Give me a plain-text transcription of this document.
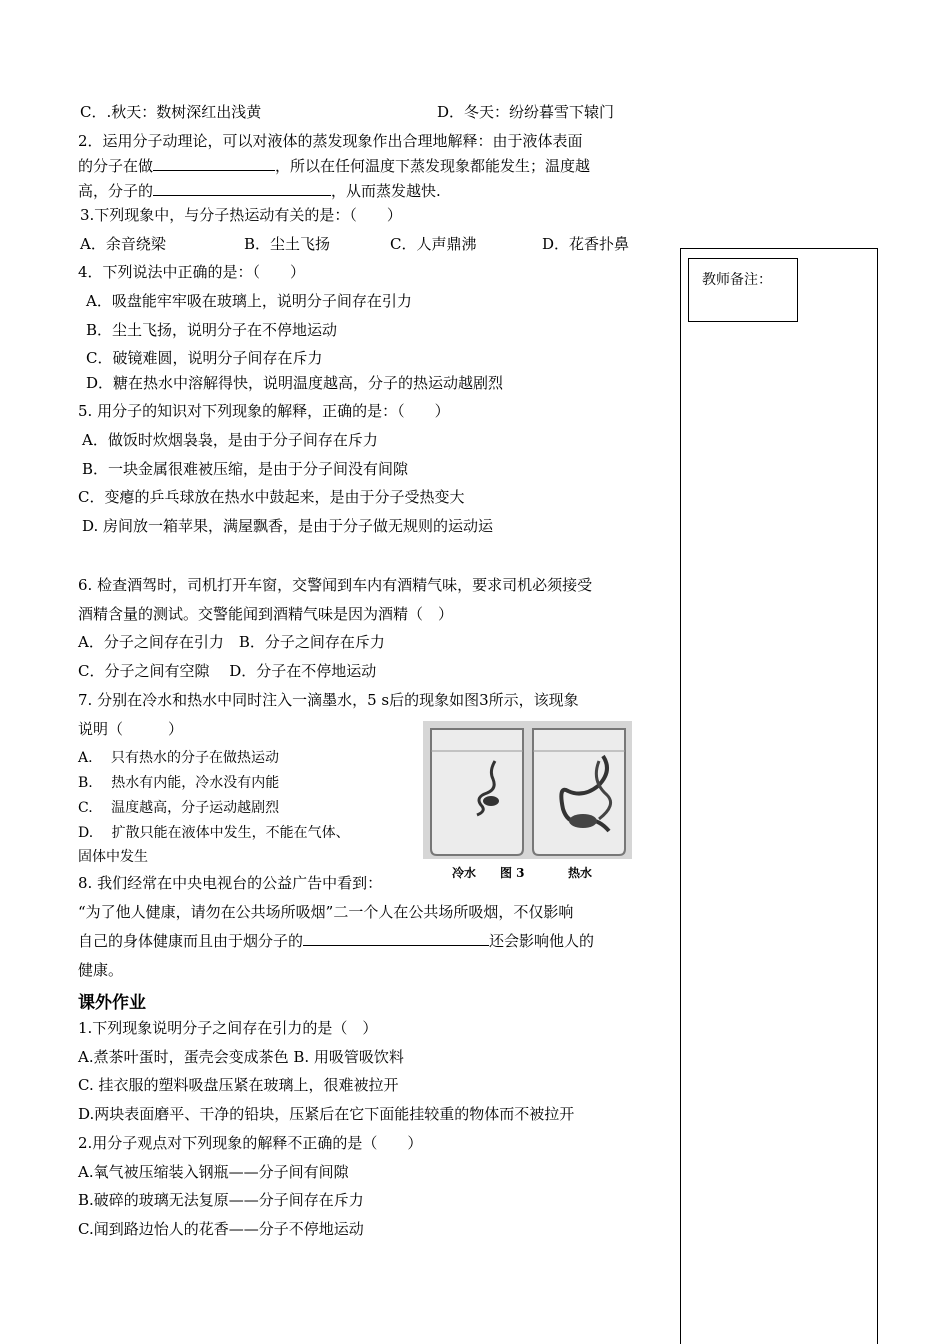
C．.秋天：数树深红出浅黄	D．冬天：纷纷暮雪下辕门
2．运用分子动理论，可以对液体的蒸发现象作出合理地解释：由于液体表面
的分子在做	，所以在任何温度下蒸发现象都能发生；温度越
高，分子的	，从而蒸发越快.
3.下列现象中，与分子热运动有关的是：（　　）
A．余音绕梁	B．尘土飞扬	C．人声鼎沸	D．花香扑鼻
4．下列说法中正确的是：（　　）
A．吸盘能牢牢吸在玻璃上，说明分子间存在引力
B．尘土飞扬，说明分子在不停地运动
C．破镜难圆，说明分子间存在斥力
D．糖在热水中溶解得快，说明温度越高，分子的热运动越剧烈
5. 用分子的知识对下列现象的解释，正确的是：（　　）
A．做饭时炊烟袅袅，是由于分子间存在斥力
B．一块金属很难被压缩，是由于分子间没有间隙
C．变瘪的乒乓球放在热水中鼓起来，是由于分子受热变大
D. 房间放一箱苹果，满屋飘香，是由于分子做无规则的运动运
6. 检查酒驾时，司机打开车窗，交警闻到车内有酒精气味，要求司机必须接受
酒精含量的测试。交警能闻到酒精气味是因为酒精（　）
A．分子之间存在引力　B．分子之间存在斥力
C．分子之间有空隙　 D．分子在不停地运动
7. 分别在冷水和热水中同时注入一滴墨水，5 s后的现象如图3所示，该现象
说明（　　　）
A.　 只有热水的分子在做热运动
B.　 热水有内能，冷水没有内能
C.　 温度越高，分子运动越剧烈
D.　 扩散只能在液体中发生，不能在气体、
固体中发生
冷水 图 3	热水
8. 我们经常在中央电视台的公益广告中看到：
“为了他人健康，请勿在公共场所吸烟”二一个人在公共场所吸烟，不仅影响
自己的身体健康而且由于烟分子的	还会影响他人的
健康。
课外作业
1.下列现象说明分子之间存在引力的是（　）
A.煮茶叶蛋时，蛋壳会变成茶色 B. 用吸管吸饮料
C. 挂衣服的塑料吸盘压紧在玻璃上，很难被拉开
D.两块表面磨平、干净的铅块，压紧后在它下面能挂较重的物体而不被拉开
2.用分子观点对下列现象的解释不正确的是（　　）
A.氧气被压缩装入钢瓶——分子间有间隙
B.破碎的玻璃无法复原——分子间存在斥力
C.闻到路边怡人的花香——分子不停地运动
教师备注：
